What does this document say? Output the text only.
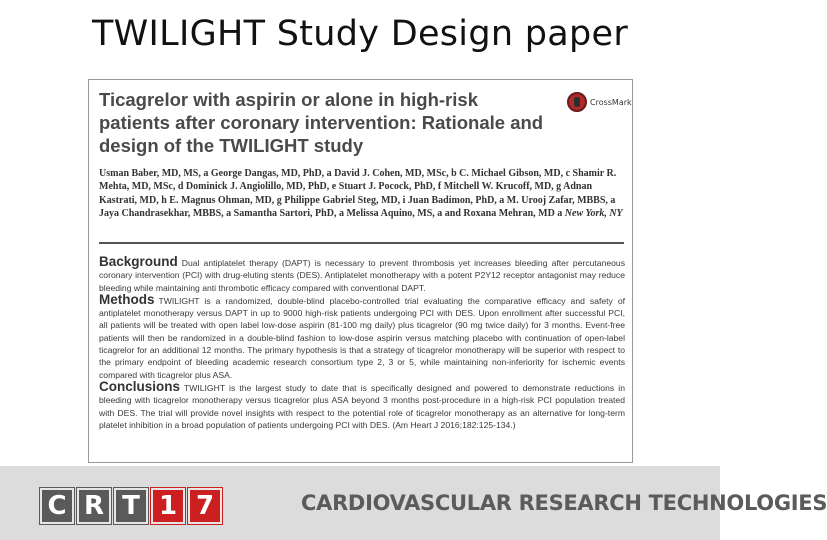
TWILIGHT Study Design paper
Ticagrelor with aspirin or alone in high-risk patients after coronary intervention: Rationale and design of the TWILIGHT study
CrossMark
Usman Baber, MD, MS, a George Dangas, MD, PhD, a David J. Cohen, MD, MSc, b C. Michael Gibson, MD, c Shamir R. Mehta, MD, MSc, d Dominick J. Angiolillo, MD, PhD, e Stuart J. Pocock, PhD, f Mitchell W. Krucoff, MD, g Adnan Kastrati, MD, h E. Magnus Ohman, MD, g Philippe Gabriel Steg, MD, i Juan Badimon, PhD, a M. Urooj Zafar, MBBS, a Jaya Chandrasekhar, MBBS, a Samantha Sartori, PhD, a Melissa Aquino, MS, a and Roxana Mehran, MD a New York, NY

Background Dual antiplatelet therapy (DAPT) is necessary to prevent thrombosis yet increases bleeding after percutaneous coronary intervention (PCI) with drug-eluting stents (DES). Antiplatelet monotherapy with a potent P2Y12 receptor antagonist may reduce bleeding while maintaining anti thrombotic efficacy compared with conventional DAPT.

Methods TWILIGHT is a randomized, double-blind placebo-controlled trial evaluating the comparative efficacy and safety of antiplatelet monotherapy versus DAPT in up to 9000 high-risk patients undergoing PCI with DES. Upon enrollment after successful PCI, all patients will be treated with open label low-dose aspirin (81-100 mg daily) plus ticagrelor (90 mg twice daily) for 3 months. Event-free patients will then be randomized in a double-blind fashion to low-dose aspirin versus matching placebo with continuation of open-label ticagrelor for an additional 12 months. The primary hypothesis is that a strategy of ticagrelor monotherapy will be superior with respect to the primary endpoint of bleeding academic research consortium type 2, 3 or 5, while maintaining non-inferiority for ischemic events compared with ticagrelor plus ASA.

Conclusions TWILIGHT is the largest study to date that is specifically designed and powered to demonstrate reductions in bleeding with ticagrelor monotherapy versus ticagrelor plus ASA beyond 3 months post-procedure in a high-risk PCI population treated with DES. The trial will provide novel insights with respect to the potential role of ticagrelor monotherapy as an alternative for long-term platelet inhibition in a broad population of patients undergoing PCI with DES. (Am Heart J 2016;182:125-134.)

C R T 1 7	CARDIOVASCULAR RESEARCH TECHNOLOGIES
